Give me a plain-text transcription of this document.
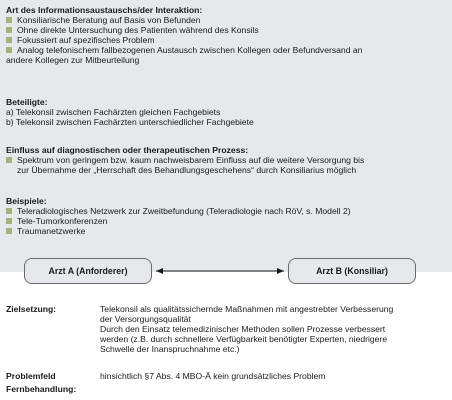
Art des Informationsaustauschs/der Interaktion:
Konsiliarische Beratung auf Basis von Befunden
Ohne direkte Untersuchung des Patienten während des Konsils
Fokussiert auf spezifisches Problem
Analog telefonischem fallbezogenen Austausch zwischen Kollegen oder Befundversand an
andere Kollegen zur Mitbeurteilung
Beteiligte:
a) Telekonsil zwischen Fachärzten gleichen Fachgebiets
b) Telekonsil zwischen Fachärzten unterschiedlicher Fachgebiete
Einfluss auf diagnostischen oder therapeutischen Prozess:
Spektrum von geringem bzw. kaum nachweisbarem Einfluss auf die weitere Versorgung bis
zur Übernahme der „Herrschaft des Behandlungsgeschehens“ durch Konsiliarius möglich
Beispiele:
Teleradiologisches Netzwerk zur Zweitbefundung (Teleradiologie nach RöV, s. Modell 2)
Tele-Tumorkonferenzen
Traumanetzwerke
Arzt A (Anforderer)	Arzt B (Konsiliar)
Zielsetzung:	Telekonsil als qualitätssichernde Maßnahmen mit angestrebter Verbesserung
der Versorgungsqualität
Durch den Einsatz telemedizinischer Methoden sollen Prozesse verbessert
werden (z.B. durch schnellere Verfügbarkeit benötigter Experten, niedrigere
Schwelle der Inanspruchnahme etc.)
Problemfeld
Fernbehandlung:
hinsichtlich §7 Abs. 4 MBO-Ä kein grundsätzliches Problem
